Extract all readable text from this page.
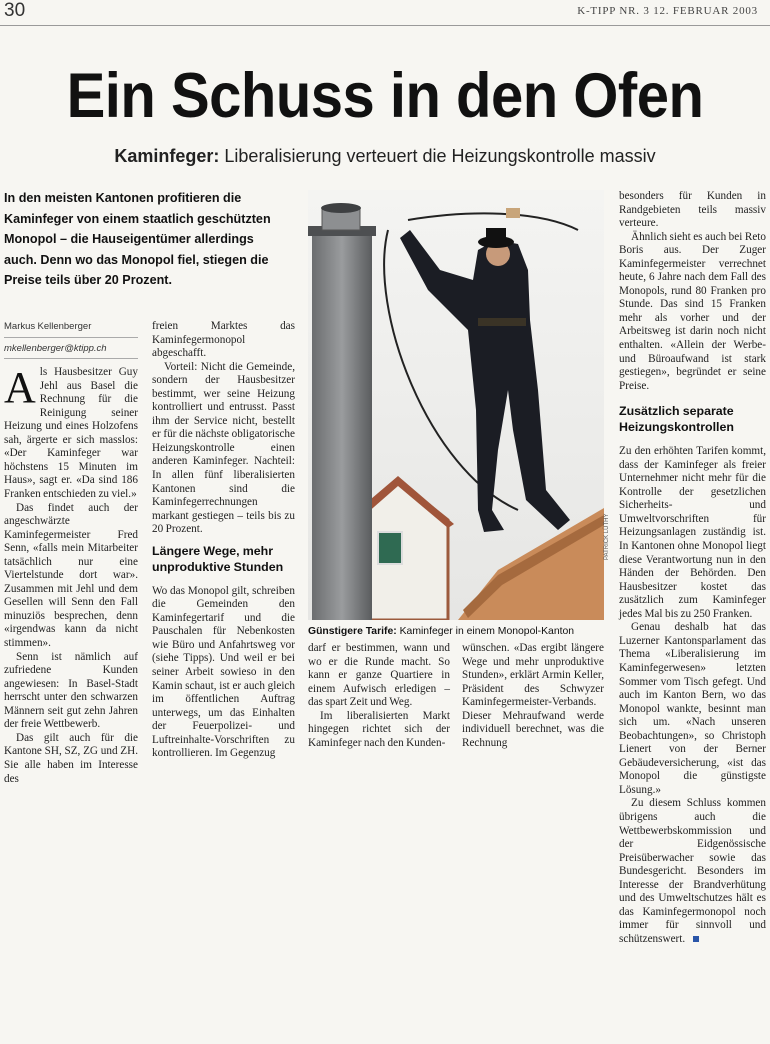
30	K-TIPP NR. 3 12. FEBRUAR 2003
Ein Schuss in den Ofen
Kaminfeger: Liberalisierung verteuert die Heizungskontrolle massiv
In den meisten Kantonen profitieren die Kaminfeger von einem staatlich geschützten Monopol – die Hauseigentümer allerdings auch. Denn wo das Monopol fiel, stiegen die Preise teils über 20 Prozent.
Markus Kellenberger
mkellenberger@ktipp.ch

Als Hausbesitzer Guy Jehl aus Basel die Rechnung für die Reinigung seiner Heizung und eines Holzofens sah, ärgerte er sich masslos: «Der Kaminfeger war höchstens 15 Minuten im Haus», sagt er. «Da sind 186 Franken entschieden zu viel.»

Das findet auch der angeschwärzte Kaminfegermeister Fred Senn, «falls mein Mitarbeiter tatsächlich nur eine Viertelstunde dort war». Zusammen mit Jehl und dem Gesellen will Senn den Fall minuziös besprechen, denn «irgendwas kann da nicht stimmen».

Senn ist nämlich auf zufriedene Kunden angewiesen: In Basel-Stadt herrscht unter den schwarzen Männern seit gut zehn Jahren der freie Wettbewerb.

Das gilt auch für die Kantone SH, SZ, ZG und ZH. Sie alle haben im Interesse des

freien Marktes das Kaminfegermonopol abgeschafft.

Vorteil: Nicht die Gemeinde, sondern der Hausbesitzer bestimmt, wer seine Heizung kontrolliert und entrusst. Passt ihm der Service nicht, bestellt er für die nächste obligatorische Heizungskontrolle einen anderen Kaminfeger. Nachteil: In allen fünf liberalisierten Kantonen sind die Kaminfegerrechnungen markant gestiegen – teils bis zu 20 Prozent.

Längere Wege, mehr unproduktive Stunden

Wo das Monopol gilt, schreiben die Gemeinden den Kaminfegertarif und die Pauschalen für Nebenkosten wie Büro und Anfahrtsweg vor (siehe Tipps). Und weil er bei seiner Arbeit sowieso in den Kamin schaut, ist er auch gleich im öffentlichen Auftrag unterwegs, um das Einhalten der Feuerpolizei- und Luftreinhalte-Vorschriften zu kontrollieren. Im Gegenzug

PATRICK LÜTHY
Günstigere Tarife: Kaminfeger in einem Monopol-Kanton

darf er bestimmen, wann und wo er die Runde macht. So kann er ganze Quartiere in einem Aufwisch erledigen – das spart Zeit und Weg.

Im liberalisierten Markt hingegen richtet sich der Kaminfeger nach den Kunden-

wünschen. «Das ergibt längere Wege und mehr unproduktive Stunden», erklärt Armin Keller, Präsident des Schwyzer Kaminfegermeister-Verbands. Dieser Mehraufwand werde individuell berechnet, was die Rechnung

besonders für Kunden in Randgebieten teils massiv verteure.

Ähnlich sieht es auch bei Reto Boris aus. Der Zuger Kaminfegermeister verrechnet heute, 6 Jahre nach dem Fall des Monopols, rund 80 Franken pro Stunde. Das sind 15 Franken mehr als vorher und der Arbeitsweg ist darin noch nicht enthalten. «Allein der Werbe- und Büroaufwand ist stark gestiegen», begründet er seine Preise.

Zusätzlich separate Heizungskontrollen

Zu den erhöhten Tarifen kommt, dass der Kaminfeger als freier Unternehmer nicht mehr für die Kontrolle der gesetzlichen Sicherheits- und Umweltvorschriften für Heizungsanlagen zuständig ist. In Kantonen ohne Monopol liegt diese Verantwortung nun in den Händen der Behörden. Den Hausbesitzer kostet das zusätzlich zum Kaminfeger jedes Mal bis zu 250 Franken.

Genau deshalb hat das Luzerner Kantonsparlament das Thema «Liberalisierung im Kaminfegerwesen» letzten Sommer vom Tisch gefegt. Und auch im Kanton Bern, wo das Monopol wankte, besinnt man sich um. «Nach unseren Beobachtungen», so Christoph Lienert von der Berner Gebäudeversicherung, «ist das Monopol die günstigste Lösung.»

Zu diesem Schluss kommen übrigens auch die Wettbewerbskommission und der Eidgenössische Preisüberwacher sowie das Bundesgericht. Besonders im Interesse der Brandverhütung und des Umweltschutzes hält es das Kaminfegermonopol noch immer für sinnvoll und schützenswert.
